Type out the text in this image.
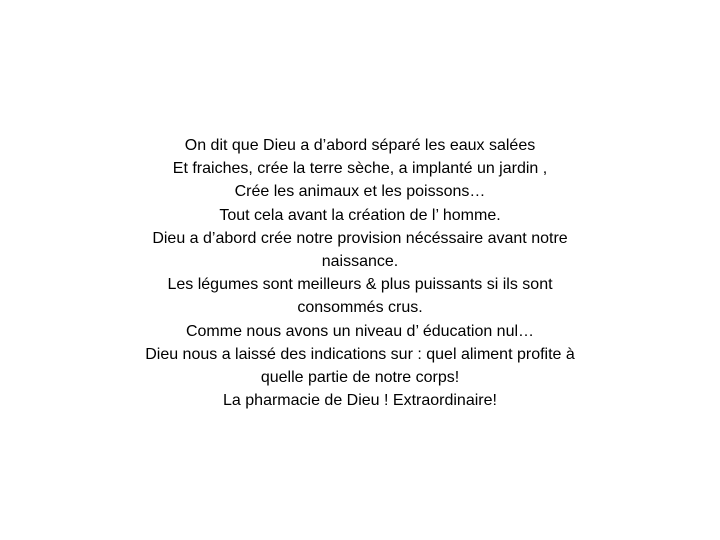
On dit que Dieu a d’abord séparé les eaux salées
Et fraiches, crée la terre sèche, a implanté un jardin ,
Crée les animaux et les poissons…
Tout cela avant la création de l’ homme.
Dieu a d’abord crée notre provision nécéssaire avant notre
naissance.
Les légumes sont meilleurs & plus puissants si ils sont
consommés crus.
Comme nous avons un niveau d’ éducation nul…
Dieu nous a laissé des indications sur : quel aliment profite à
quelle partie de notre corps!
La pharmacie de Dieu ! Extraordinaire!
